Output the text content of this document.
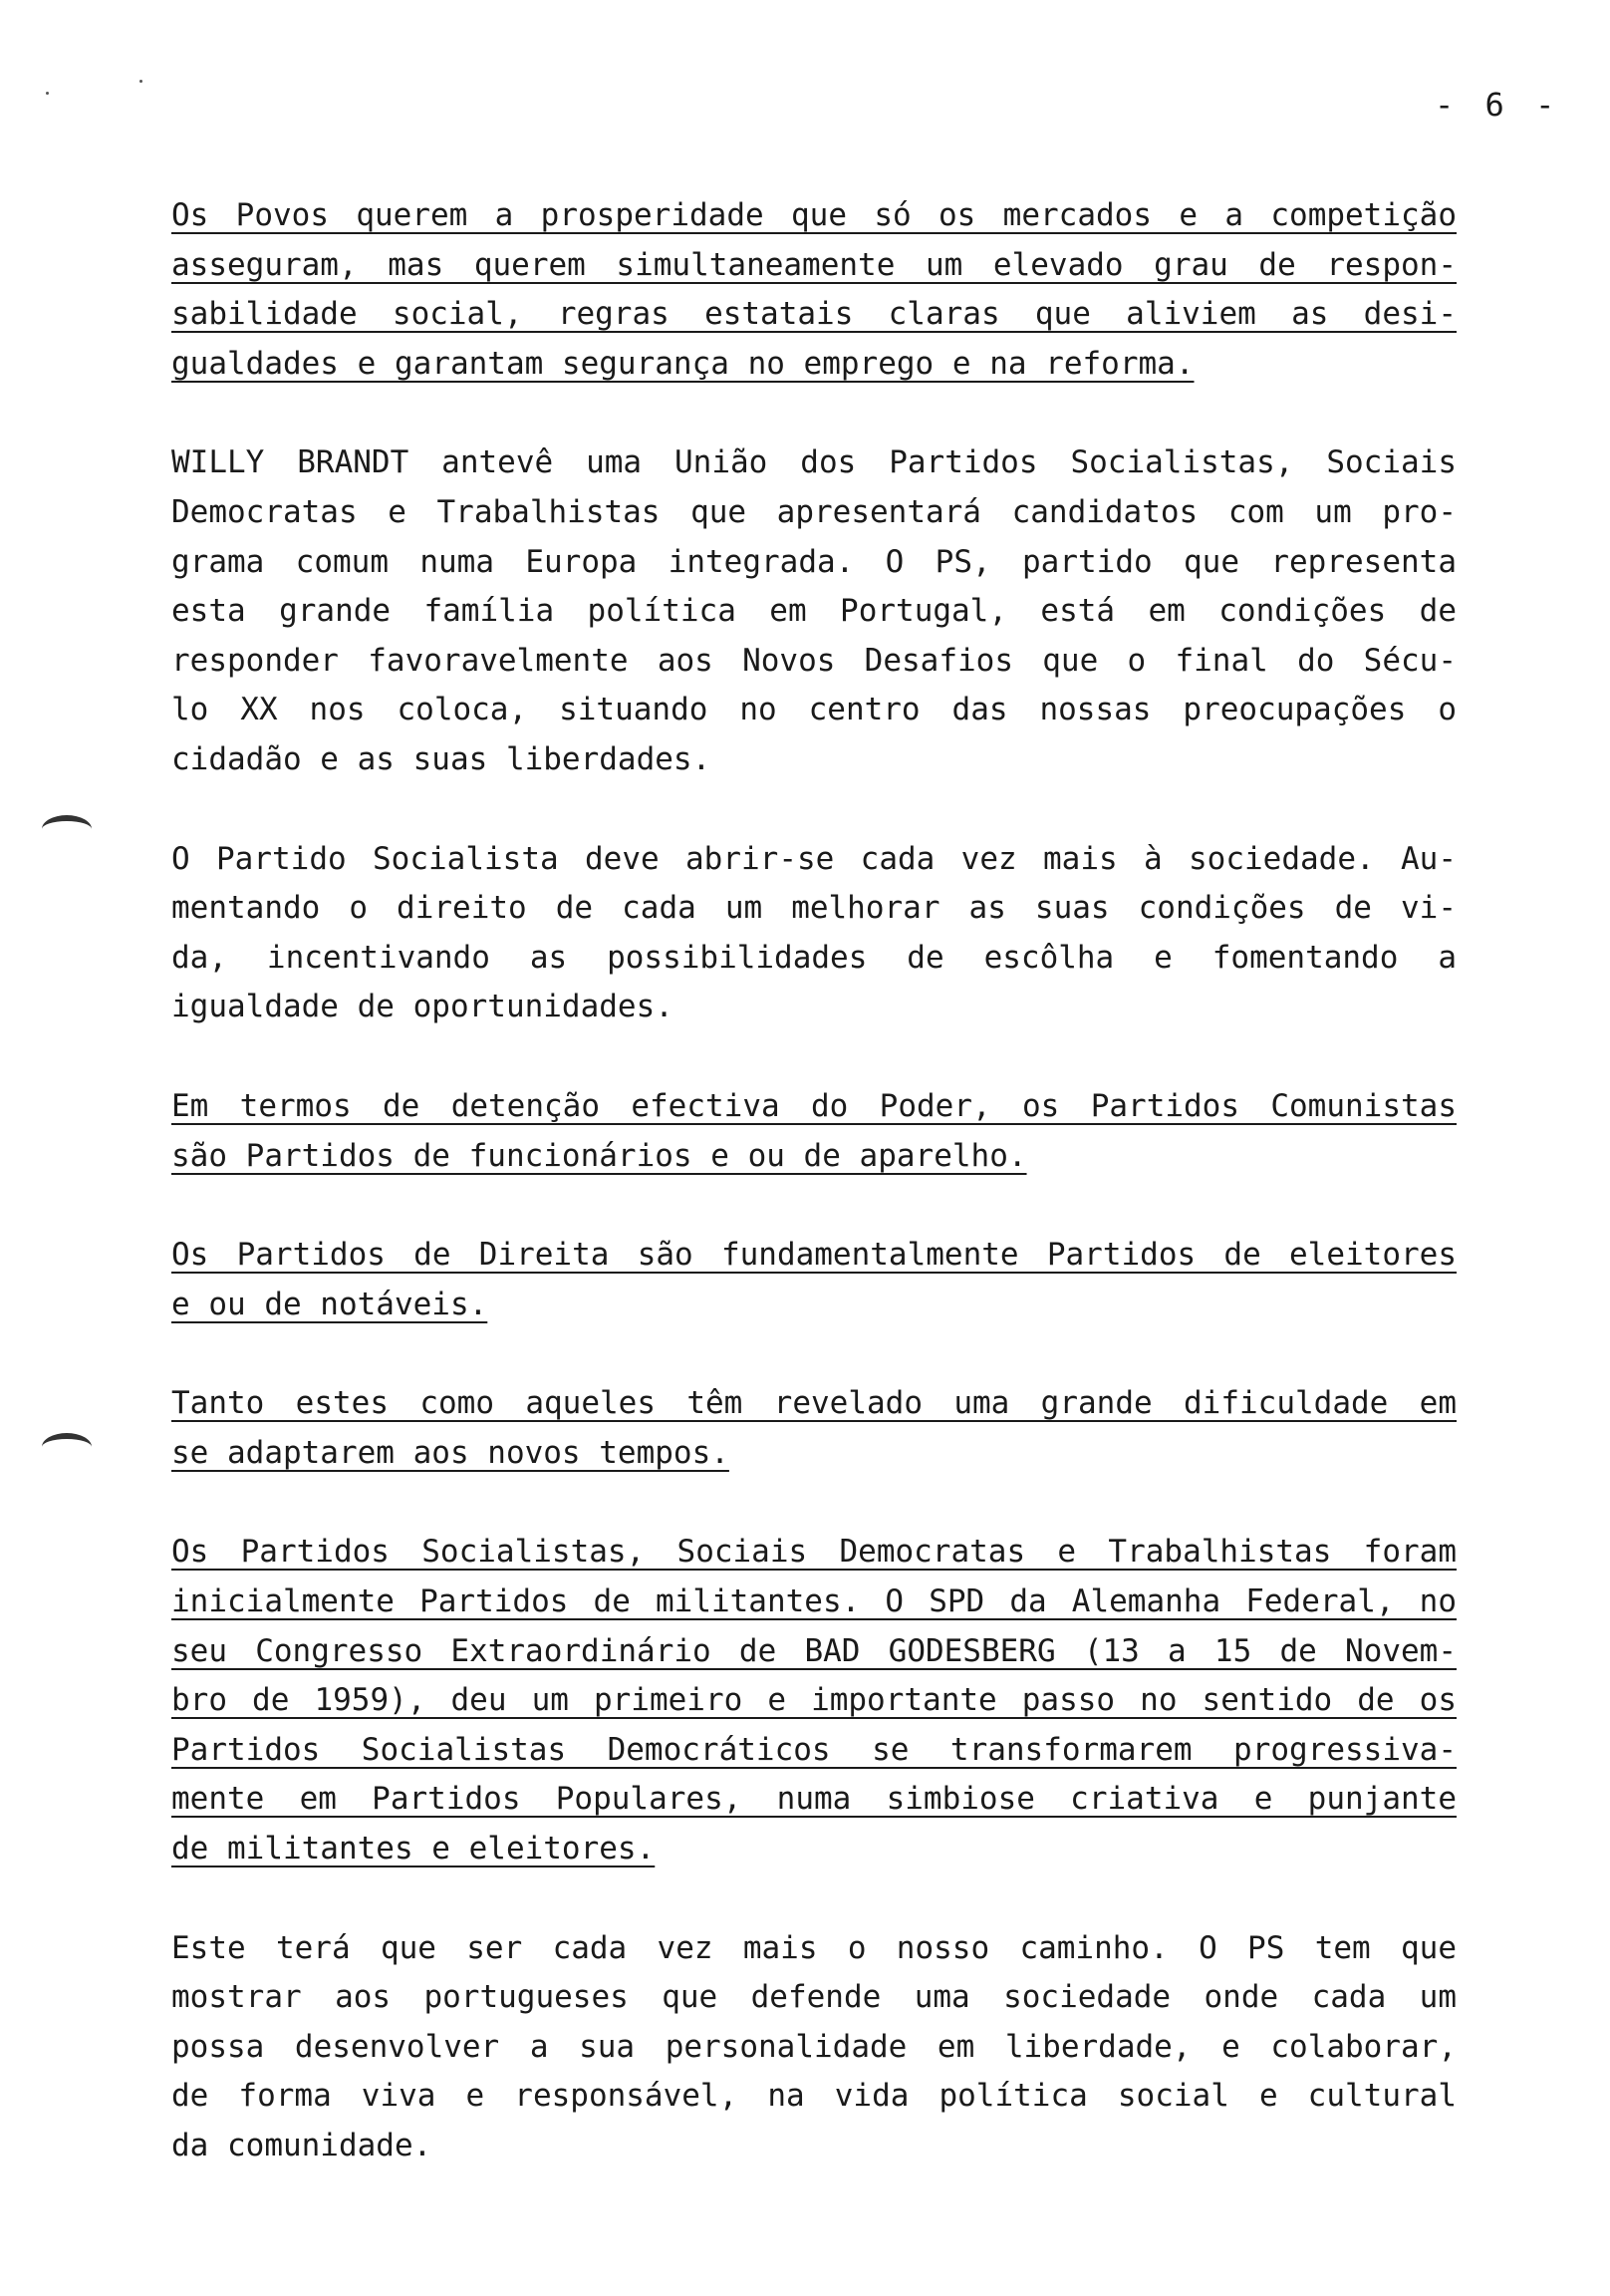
- 6 -
Os Povos querem a prosperidade que só os mercados e a competição
asseguram, mas querem simultaneamente um elevado grau de respon-
sabilidade social, regras estatais claras que aliviem as desi-
gualdades e garantam segurança no emprego e na reforma.
WILLY BRANDT antevê uma União dos Partidos Socialistas, Sociais
Democratas e Trabalhistas que apresentará candidatos com um pro-
grama comum numa Europa integrada. O PS, partido que representa
esta grande família política em Portugal, está em condições de
responder favoravelmente aos Novos Desafios que o final do Sécu-
lo XX nos coloca, situando no centro das nossas preocupações o
cidadão e as suas liberdades.
O Partido Socialista deve abrir-se cada vez mais à sociedade. Au-
mentando o direito de cada um melhorar as suas condições de vi-
da, incentivando as possibilidades de escôlha e fomentando a
igualdade de oportunidades.
Em termos de detenção efectiva do Poder, os Partidos Comunistas
são Partidos de funcionários e ou de aparelho.
Os Partidos de Direita são fundamentalmente Partidos de eleitores
e ou de notáveis.
Tanto estes como aqueles têm revelado uma grande dificuldade em
se adaptarem aos novos tempos.
Os Partidos Socialistas, Sociais Democratas e Trabalhistas foram
inicialmente Partidos de militantes. O SPD da Alemanha Federal, no
seu Congresso Extraordinário de BAD GODESBERG (13 a 15 de Novem-
bro de 1959), deu um primeiro e importante passo no sentido de os
Partidos Socialistas Democráticos se transformarem progressiva-
mente em Partidos Populares, numa simbiose criativa e punjante
de militantes e eleitores.
Este terá que ser cada vez mais o nosso caminho. O PS tem que
mostrar aos portugueses que defende uma sociedade onde cada um
possa desenvolver a sua personalidade em liberdade, e colaborar,
de forma viva e responsável, na vida política social e cultural
da comunidade.
